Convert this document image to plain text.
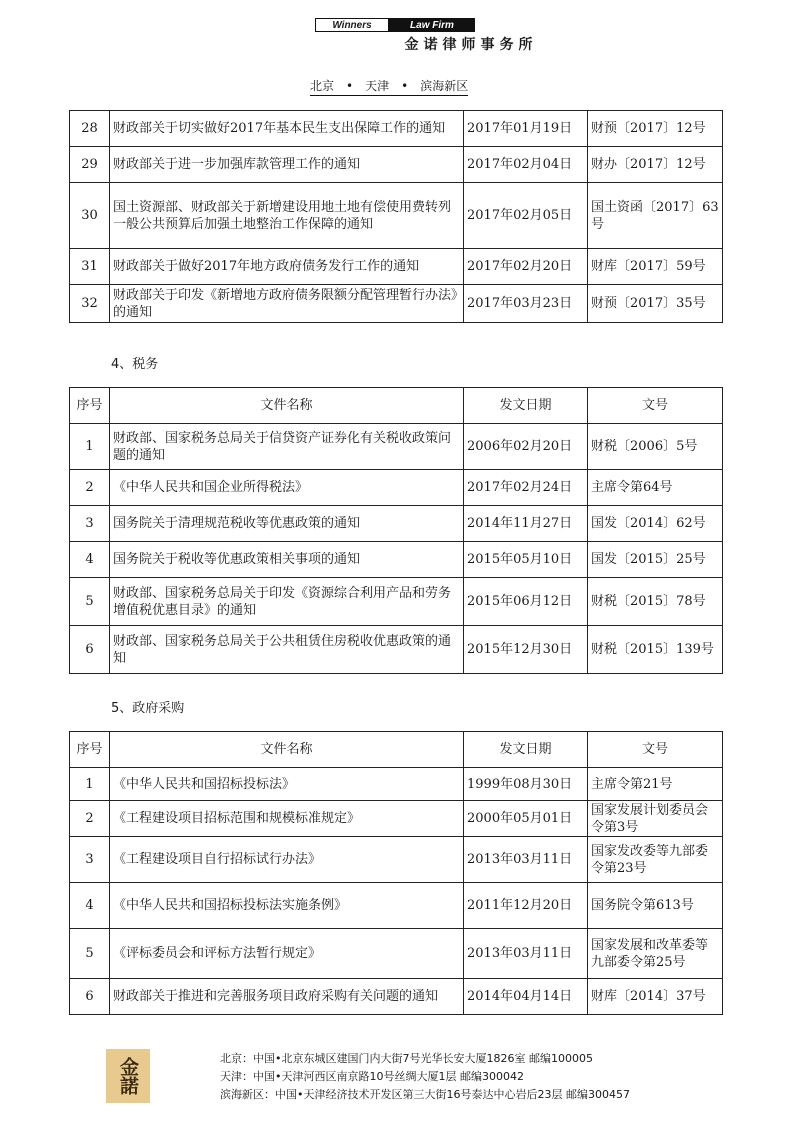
金诺律师事务所
Winners	Law Firm
北京	• 天津	• 滨海新区
28	财政部关于切实做好2017年基本民生支出保障工作的通知	2017年01月19日	财预〔2017〕12号
29	财政部关于进一步加强库款管理工作的通知	2017年02月04日	财办〔2017〕12号
30	国土资源部、财政部关于新增建设用地土地有偿使用费转列一般公共预算后加强土地整治工作保障的通知	2017年02月05日	国土资函〔2017〕63号
31	财政部关于做好2017年地方政府债务发行工作的通知	2017年02月20日	财库〔2017〕59号
32	财政部关于印发《新增地方政府债务限额分配管理暂行办法》的通知	2017年03月23日	财预〔2017〕35号
4、税务
序号	文件名称	发文日期	文号
1	财政部、国家税务总局关于信贷资产证券化有关税收政策问题的通知	2006年02月20日	财税〔2006〕5号
2	《中华人民共和国企业所得税法》	2017年02月24日	主席令第64号
3	国务院关于清理规范税收等优惠政策的通知	2014年11月27日	国发〔2014〕62号
4	国务院关于税收等优惠政策相关事项的通知	2015年05月10日	国发〔2015〕25号
5	财政部、国家税务总局关于印发《资源综合利用产品和劳务增值税优惠目录》的通知	2015年06月12日	财税〔2015〕78号
6	财政部、国家税务总局关于公共租赁住房税收优惠政策的通知	2015年12月30日	财税〔2015〕139号
5、政府采购
序号	文件名称	发文日期	文号
1	《中华人民共和国招标投标法》	1999年08月30日	主席令第21号
2	《工程建设项目招标范围和规模标准规定》	2000年05月01日	国家发展计划委员会令第3号
3	《工程建设项目自行招标试行办法》	2013年03月11日	国家发改委等九部委令第23号
4	《中华人民共和国招标投标法实施条例》	2011年12月20日	国务院令第613号
5	《评标委员会和评标方法暂行规定》	2013年03月11日	国家发展和改革委等九部委令第25号
6	财政部关于推进和完善服务项目政府采购有关问题的通知	2014年04月14日	财库〔2014〕37号
金諾	北京：中国•北京东城区建国门内大街7号光华长安大厦1826室 邮编100005
天津：中国•天津河西区南京路10号丝绸大厦1层 邮编300042
滨海新区：中国•天津经济技术开发区第三大街16号泰达中心岩后23层 邮编300457
